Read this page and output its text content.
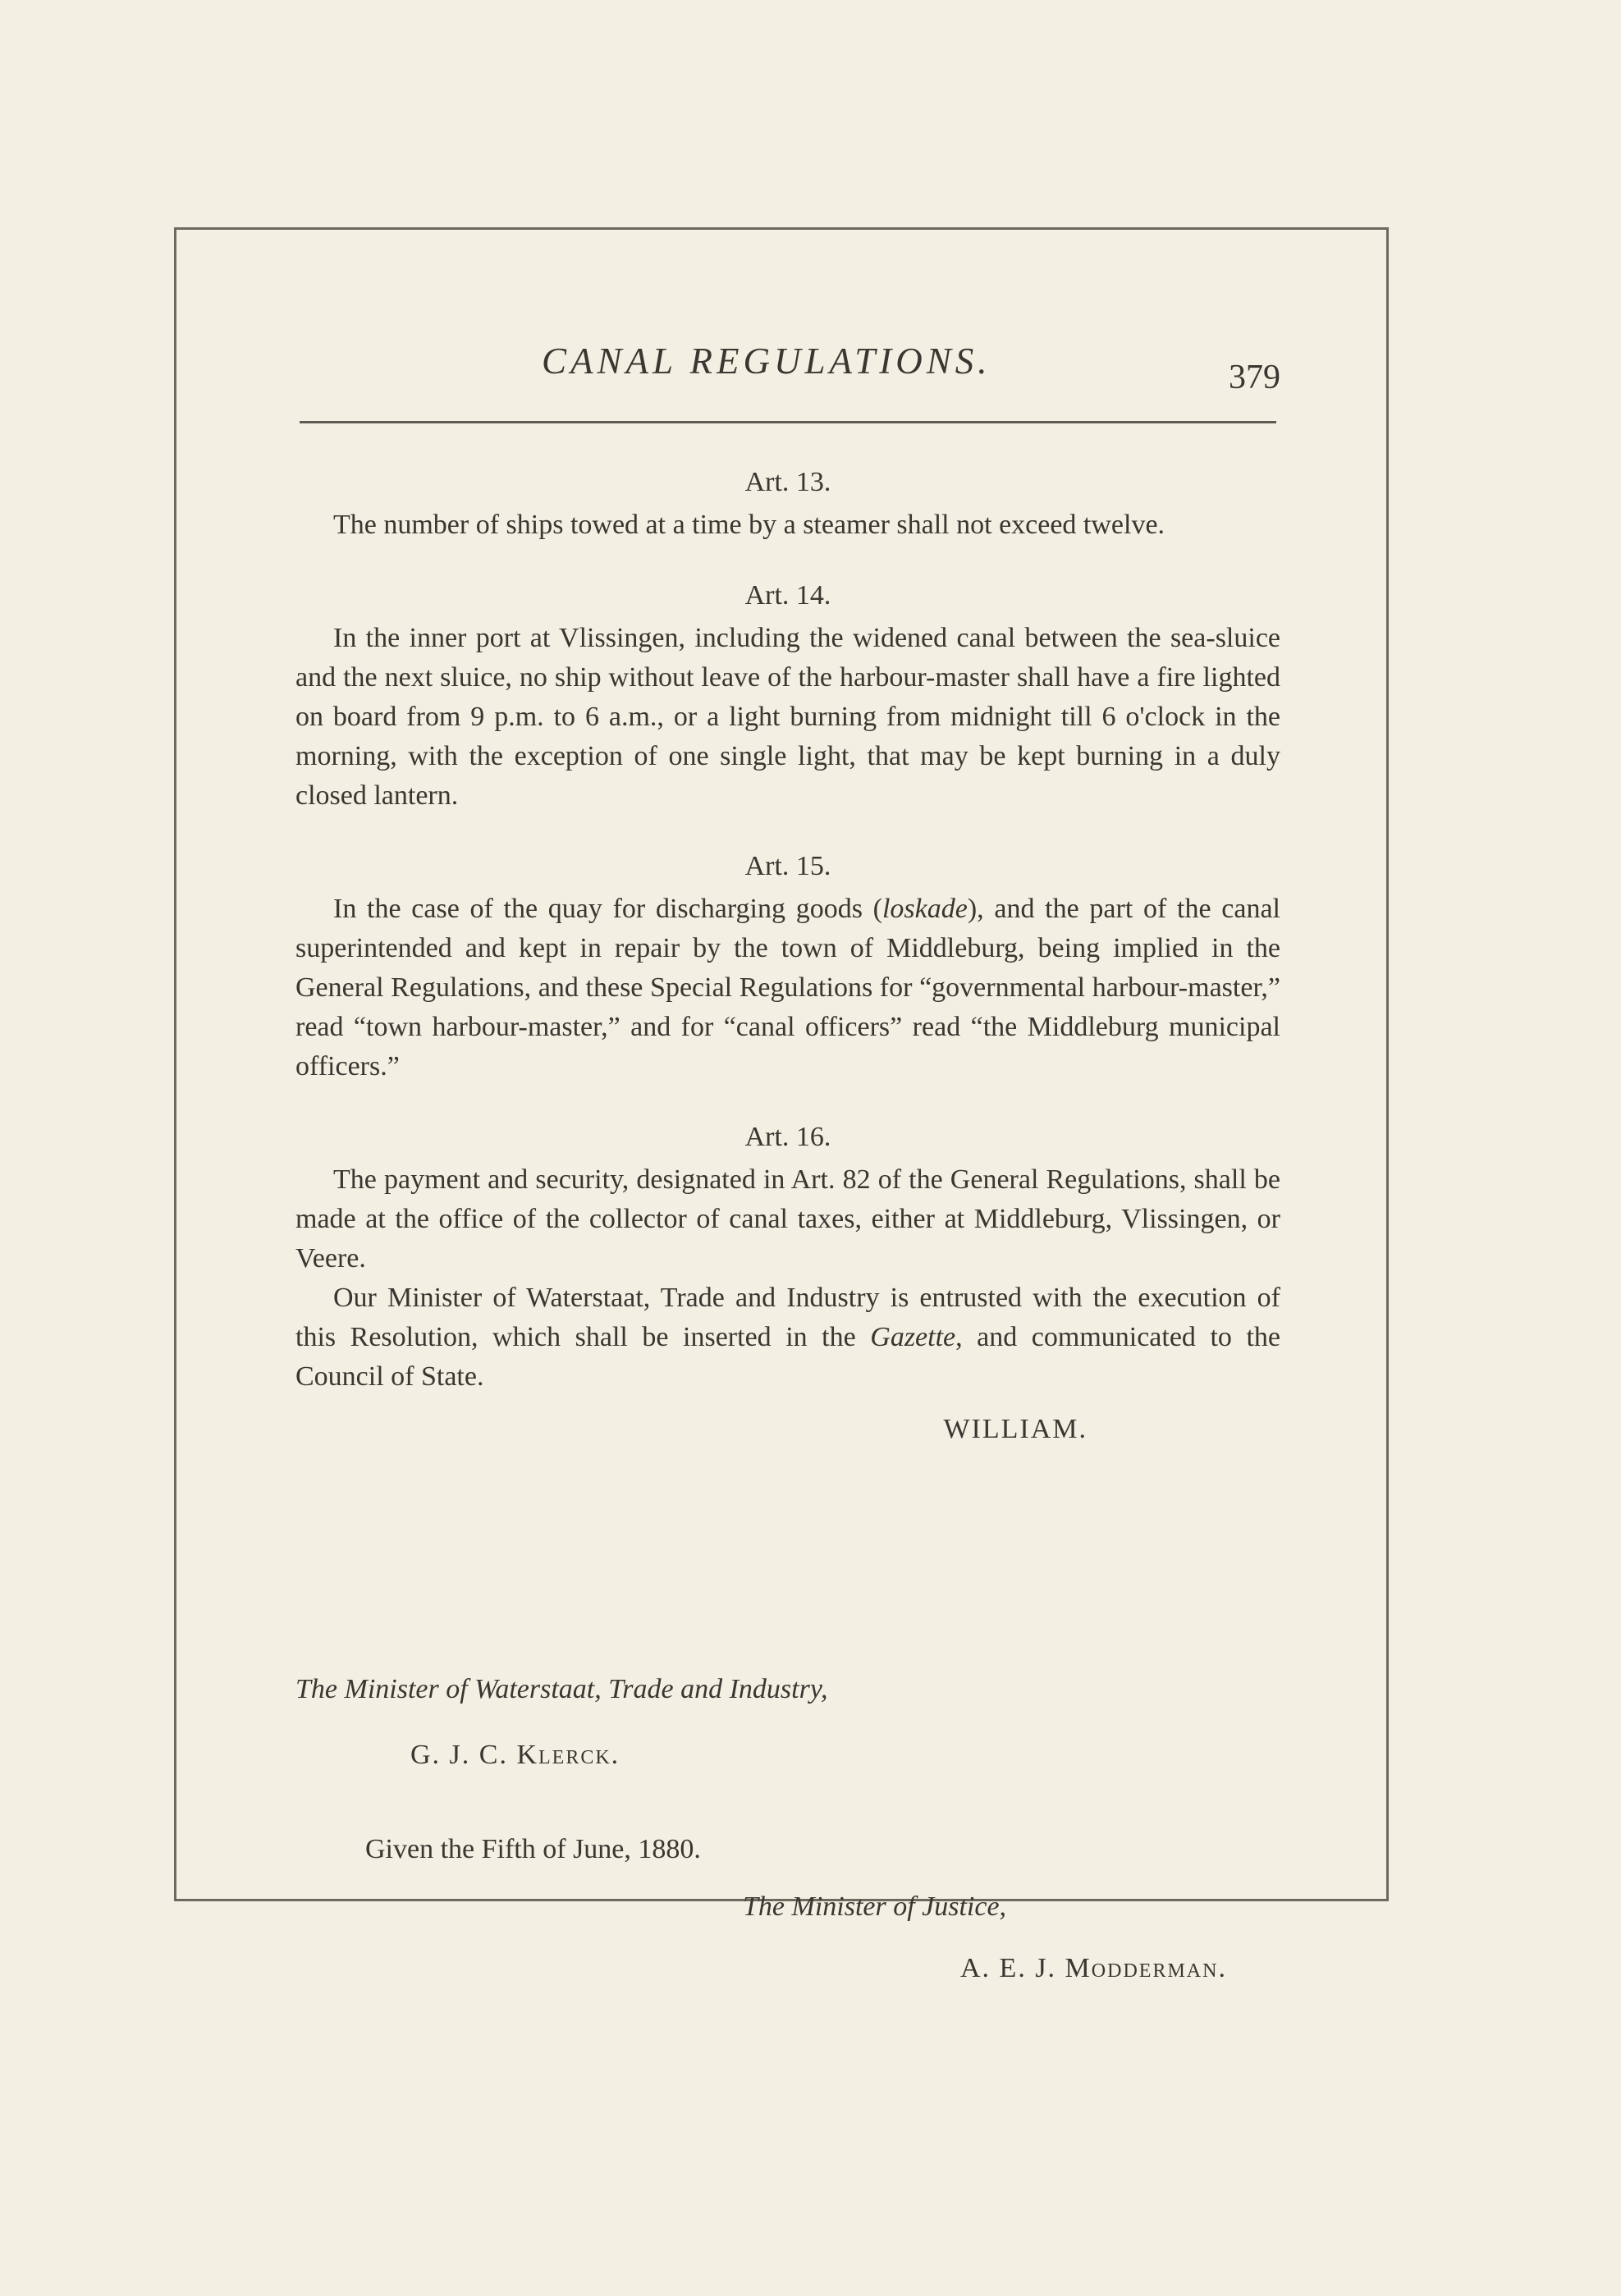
CANAL REGULATIONS.	379

Art. 13.

The number of ships towed at a time by a steamer shall not exceed twelve.

Art. 14.

In the inner port at Vlissingen, including the widened canal between the sea-sluice and the next sluice, no ship without leave of the harbour-master shall have a fire lighted on board from 9 p.m. to 6 a.m., or a light burning from midnight till 6 o'clock in the morning, with the exception of one single light, that may be kept burning in a duly closed lantern.

Art. 15.

In the case of the quay for discharging goods (loskade), and the part of the canal superintended and kept in repair by the town of Middleburg, being implied in the General Regulations, and these Special Regulations for “governmental harbour-master,” read “town harbour-master,” and for “canal officers” read “the Middleburg municipal officers.”

Art. 16.

The payment and security, designated in Art. 82 of the General Regulations, shall be made at the office of the collector of canal taxes, either at Middleburg, Vlissingen, or Veere.

Our Minister of Waterstaat, Trade and Industry is entrusted with the execution of this Resolution, which shall be inserted in the Gazette, and communicated to the Council of State.

WILLIAM.

The Minister of Waterstaat, Trade and Industry,
G. J. C. Klerck.
Given the Fifth of June, 1880.
The Minister of Justice,
A. E. J. Modderman.
